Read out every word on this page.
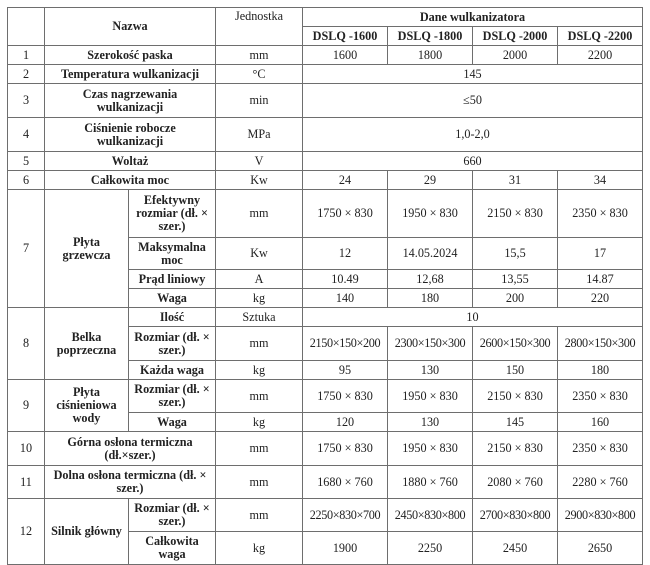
	Nazwa		Jednostka	Dane wulkanizatora			
				DSLQ -1600	DSLQ -1800	DSLQ -2000	DSLQ -2200
1	Szerokość paska		mm	1600	1800	2000	2200
2	Temperatura wulkanizacji		°C	145			
3	Czas nagrzewania wulkanizacji		min	≤50			
4	Ciśnienie robocze wulkanizacji		MPa	1,0-2,0			
5	Woltaż		V	660			
6	Całkowita moc		Kw	24	29	31	34
7	Płyta grzewcza	Efektywny rozmiar (dł. × szer.)	mm	1750 × 830	1950 × 830	2150 × 830	2350 × 830
		Maksymalna moc	Kw	12	14.05.2024	15,5	17
		Prąd liniowy	A	10.49	12,68	13,55	14.87
		Waga	kg	140	180	200	220
8	Belka poprzeczna	Ilość	Sztuka	10			
		Rozmiar (dł. × szer.)	mm	2150×150×200	2300×150×300	2600×150×300	2800×150×300
		Każda waga	kg	95	130	150	180
9	Płyta ciśnieniowa wody	Rozmiar (dł. × szer.)	mm	1750 × 830	1950 × 830	2150 × 830	2350 × 830
		Waga	kg	120	130	145	160
10	Górna osłona termiczna (dł.×szer.)		mm	1750 × 830	1950 × 830	2150 × 830	2350 × 830
11	Dolna osłona termiczna (dł. × szer.)		mm	1680 × 760	1880 × 760	2080 × 760	2280 × 760
12	Silnik główny	Rozmiar (dł. × szer.)	mm	2250×830×700	2450×830×800	2700×830×800	2900×830×800
		Całkowita waga	kg	1900	2250	2450	2650
